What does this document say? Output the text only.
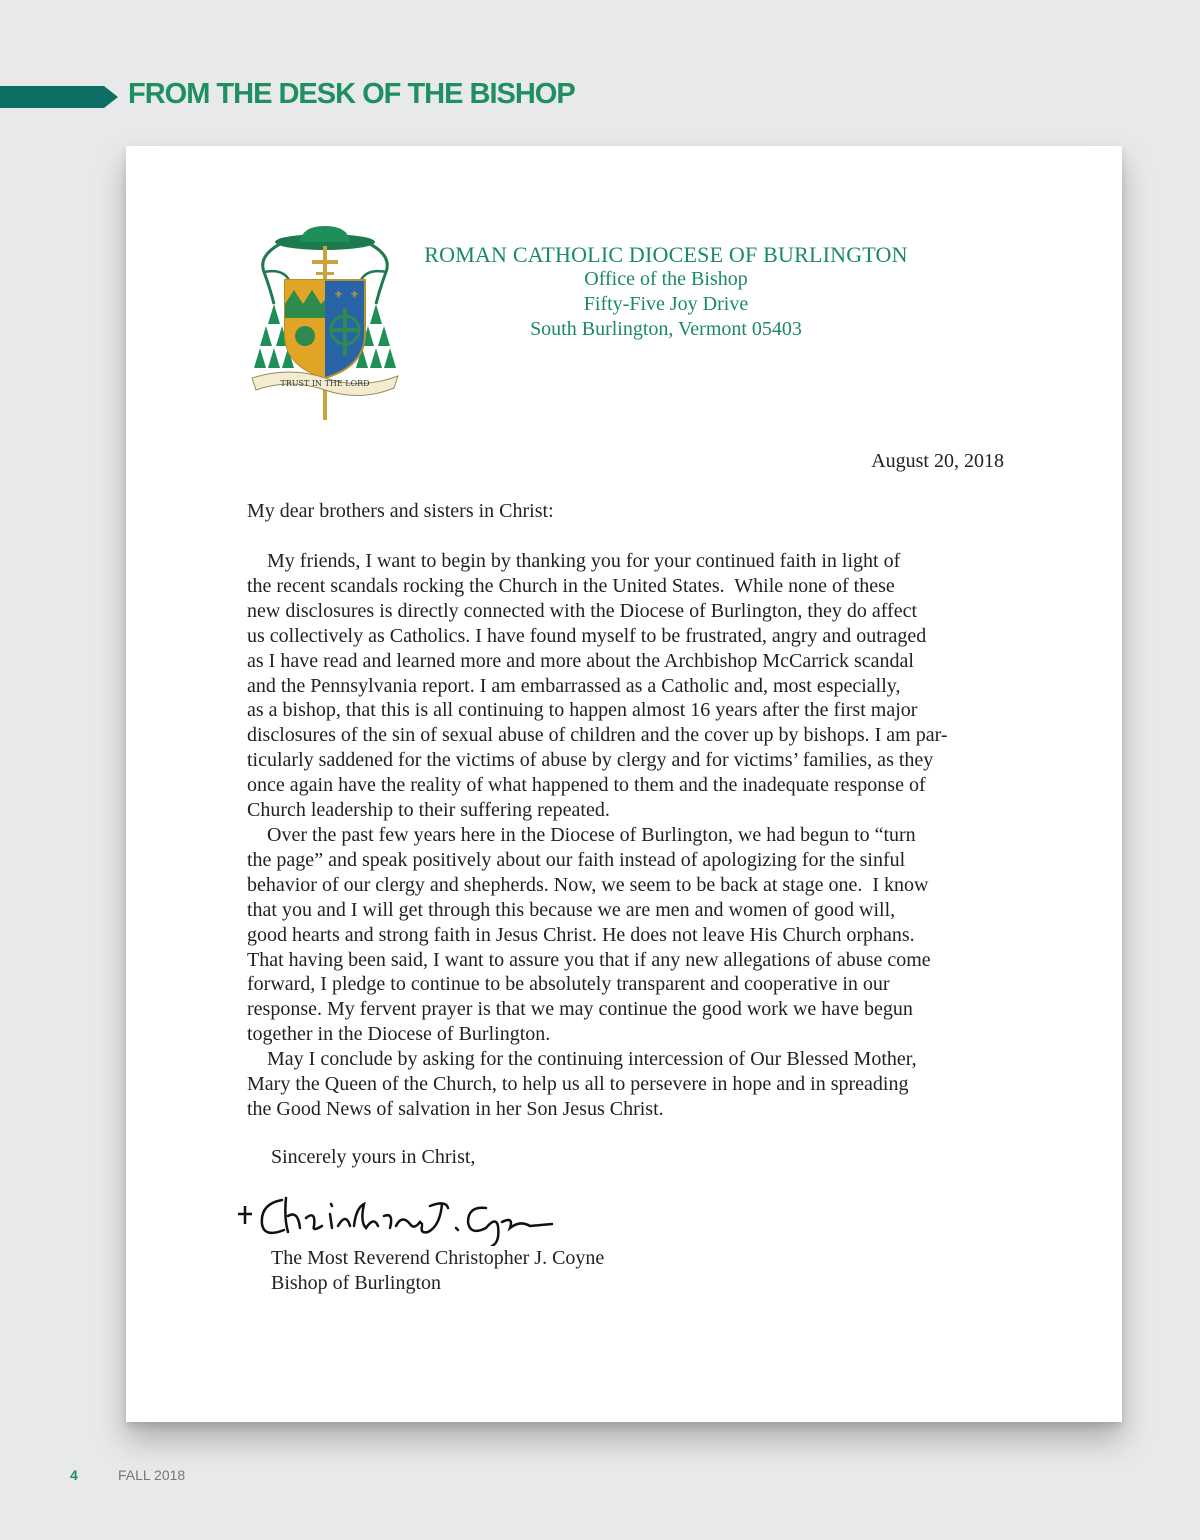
FROM THE DESK OF THE BISHOP
⚜ ⚜
TRUST IN THE LORD
ROMAN CATHOLIC DIOCESE OF BURLINGTON
Office of the Bishop
Fifty-Five Joy Drive
South Burlington, Vermont 05403
August 20, 2018
My dear brothers and sisters in Christ:
My friends, I want to begin by thanking you for your continued faith in light of
the recent scandals rocking the Church in the United States.  While none of these
new disclosures is directly connected with the Diocese of Burlington, they do affect
us collectively as Catholics. I have found myself to be frustrated, angry and outraged
as I have read and learned more and more about the Archbishop McCarrick scandal
and the Pennsylvania report. I am embarrassed as a Catholic and, most especially,
as a bishop, that this is all continuing to happen almost 16 years after the first major
disclosures of the sin of sexual abuse of children and the cover up by bishops. I am par-
ticularly saddened for the victims of abuse by clergy and for victims’ families, as they
once again have the reality of what happened to them and the inadequate response of
Church leadership to their suffering repeated.
Over the past few years here in the Diocese of Burlington, we had begun to “turn
the page” and speak positively about our faith instead of apologizing for the sinful
behavior of our clergy and shepherds. Now, we seem to be back at stage one.  I know
that you and I will get through this because we are men and women of good will,
good hearts and strong faith in Jesus Christ. He does not leave His Church orphans.
That having been said, I want to assure you that if any new allegations of abuse come
forward, I pledge to continue to be absolutely transparent and cooperative in our
response. My fervent prayer is that we may continue the good work we have begun
together in the Diocese of Burlington.
May I conclude by asking for the continuing intercession of Our Blessed Mother,
Mary the Queen of the Church, to help us all to persevere in hope and in spreading
the Good News of salvation in her Son Jesus Christ.
Sincerely yours in Christ,
The Most Reverend Christopher J. Coyne
Bishop of Burlington
4	FALL 2018
